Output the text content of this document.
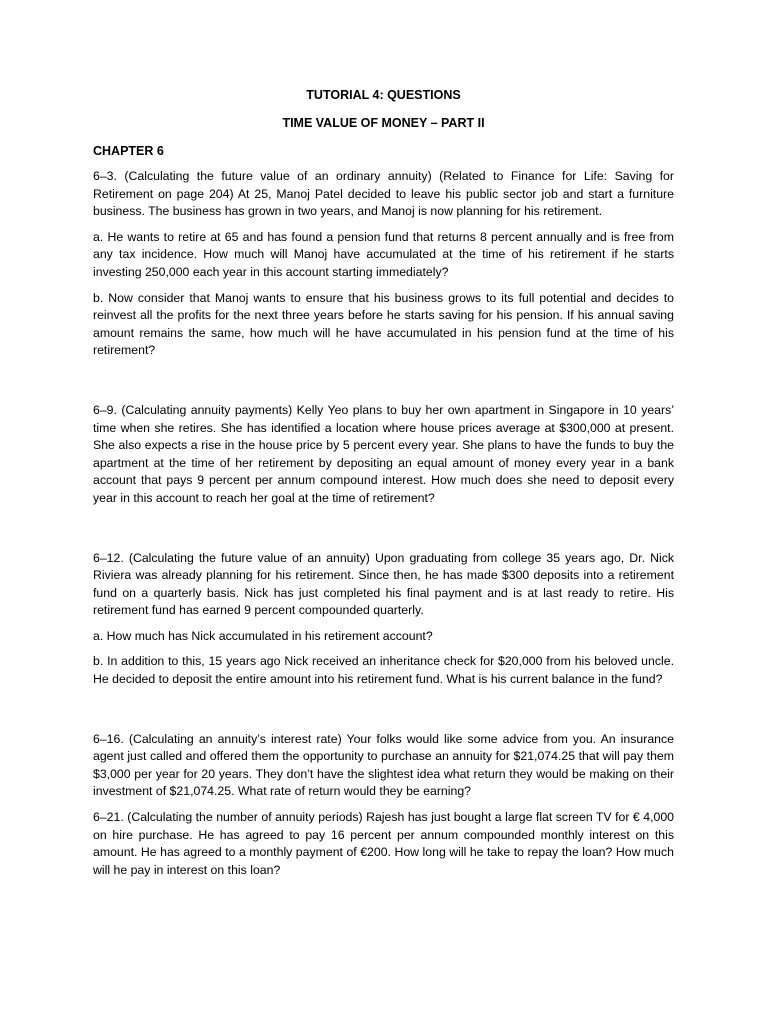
TUTORIAL 4: QUESTIONS

TIME VALUE OF MONEY – PART II

CHAPTER 6

6–3. (Calculating the future value of an ordinary annuity) (Related to Finance for Life: Saving for Retirement on page 204) At 25, Manoj Patel decided to leave his public sector job and start a furniture business. The business has grown in two years, and Manoj is now planning for his retirement.

a. He wants to retire at 65 and has found a pension fund that returns 8 percent annually and is free from any tax incidence. How much will Manoj have accumulated at the time of his retirement if he starts investing 250,000 each year in this account starting immediately?

b. Now consider that Manoj wants to ensure that his business grows to its full potential and decides to reinvest all the profits for the next three years before he starts saving for his pension. If his annual saving amount remains the same, how much will he have accumulated in his pension fund at the time of his retirement?

6–9. (Calculating annuity payments) Kelly Yeo plans to buy her own apartment in Singapore in 10 years’ time when she retires. She has identified a location where house prices average at $300,000 at present. She also expects a rise in the house price by 5 percent every year. She plans to have the funds to buy the apartment at the time of her retirement by depositing an equal amount of money every year in a bank account that pays 9 percent per annum compound interest. How much does she need to deposit every year in this account to reach her goal at the time of retirement?

6–12. (Calculating the future value of an annuity) Upon graduating from college 35 years ago, Dr. Nick Riviera was already planning for his retirement. Since then, he has made $300 deposits into a retirement fund on a quarterly basis. Nick has just completed his final payment and is at last ready to retire. His retirement fund has earned 9 percent compounded quarterly.

a. How much has Nick accumulated in his retirement account?

b. In addition to this, 15 years ago Nick received an inheritance check for $20,000 from his beloved uncle. He decided to deposit the entire amount into his retirement fund. What is his current balance in the fund?

6–16. (Calculating an annuity’s interest rate) Your folks would like some advice from you. An insurance agent just called and offered them the opportunity to purchase an annuity for $21,074.25 that will pay them $3,000 per year for 20 years. They don’t have the slightest idea what return they would be making on their investment of $21,074.25. What rate of return would they be earning?

6–21. (Calculating the number of annuity periods) Rajesh has just bought a large flat screen TV for € 4,000 on hire purchase. He has agreed to pay 16 percent per annum compounded monthly interest on this amount. He has agreed to a monthly payment of €200. How long will he take to repay the loan? How much will he pay in interest on this loan?
